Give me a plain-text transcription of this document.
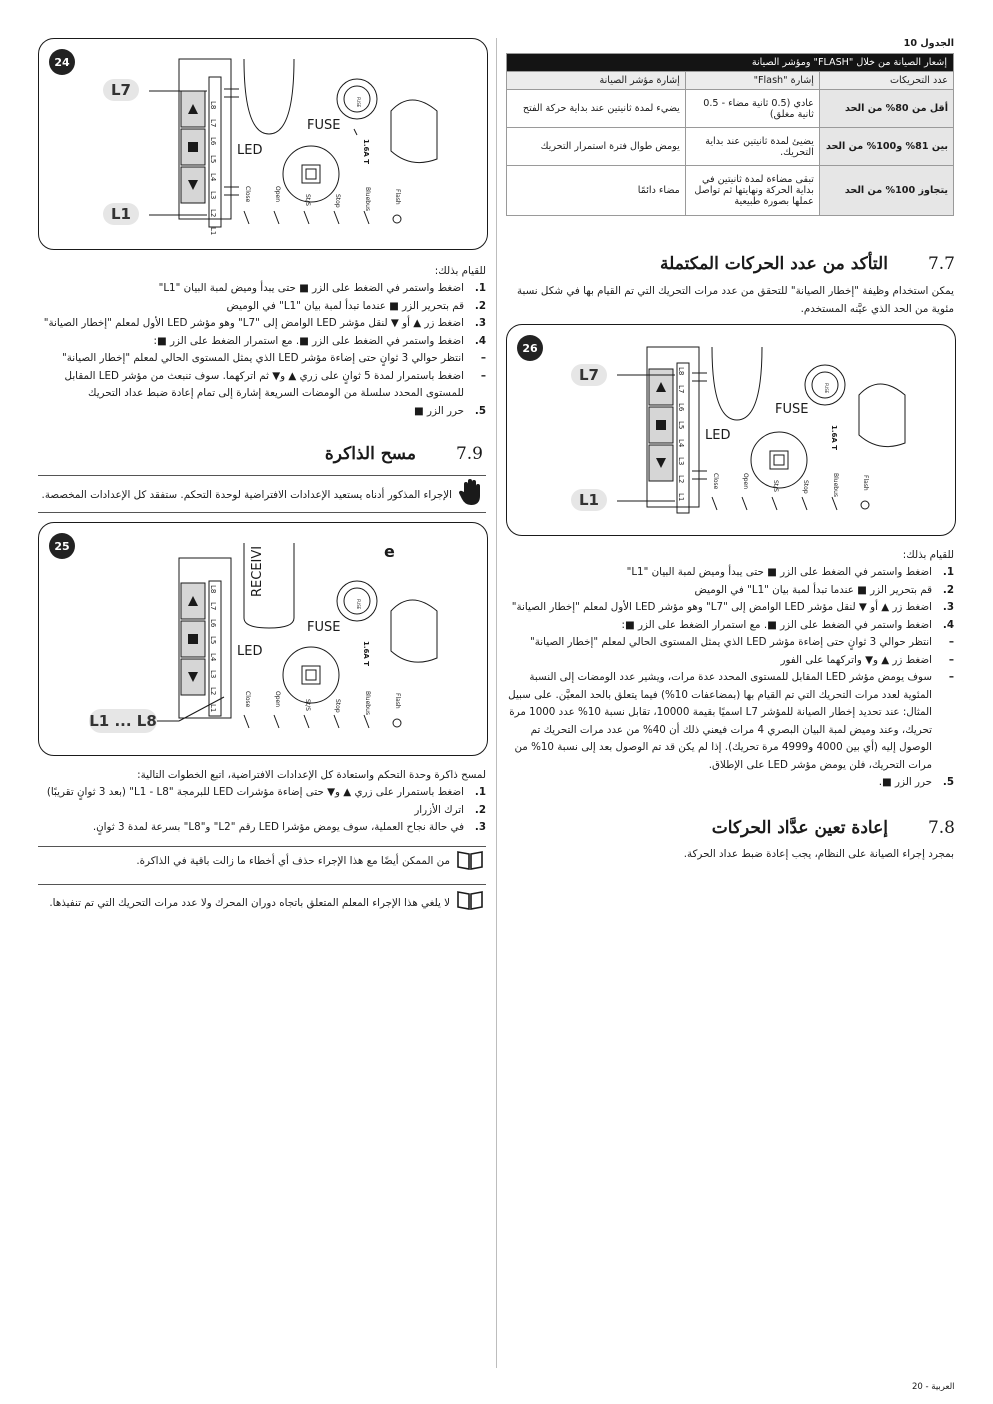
24
L8
L7
L6
L5
L4
L3
L2
L1
Close	Open	St/S	Stop	Bluebus	Flash
1.6A T
FUSE
FUSE
LED
L7
L1

للقيام بذلك:

1.
اضغط واستمر في الضغط على الزر ■ حتى يبدأ وميض لمبة البيان "L1"
2.
قم بتحرير الزر ■ عندما تبدأ لمبة بيان "L1" في الوميض
3.
اضغط زر ▲ أو ▼ لنقل مؤشر LED الوامض إلى "L7" وهو مؤشر LED الأول لمعلم "إخطار الصيانة"
4.
اضغط واستمر في الضغط على الزر ■. مع استمرار الضغط على الزر ■:
–
انتظر حوالي 3 ثوانٍ حتى إضاءة مؤشر LED الذي يمثل المستوى الحالي لمعلم "إخطار الصيانة"
–
اضغط باستمرار لمدة 5 ثوانٍ على زري ▲ و▼ ثم اتركهما. سوف تنبعث من مؤشر LED المقابل للمستوى المحدد سلسلة من الومضات السريعة إشارة إلى تمام إعادة ضبط عداد التحريك
5.
حرر الزر ■
7.9مسح الذاكرة
الإجراء المذكور أدناه يستعيد الإعدادات الافتراضية لوحدة التحكم. ستفقد كل الإعدادات المخصصة.
25
L8
L7
L6
L5
L4
L3
L2
L1
Close	Open	St/S	Stop	Bluebus	Flash
1.6A T
FUSE
FUSE
LED
RECEIVI	e
L1 ... L8

لمسح ذاكرة وحدة التحكم واستعادة كل الإعدادات الافتراضية، اتبع الخطوات التالية:

1.
اضغط باستمرار على زري ▲ و▼ حتى إضاءة مؤشرات LED للبرمجة "L1 - L8" (بعد 3 ثوانٍ تقريبًا)
2.
اترك الأزرار
3.
في حالة نجاح العملية، سوف يومض مؤشرا LED رقم "L2" و"L8" بسرعة لمدة 3 ثوانٍ.
من الممكن أيضًا مع هذا الإجراء حذف أي أخطاء ما زالت باقية في الذاكرة.
لا يلغي هذا الإجراء المعلم المتعلق باتجاه دوران المحرك ولا عدد مرات التحريك التي تم تنفيذها.
الجدول 10
إشعار الصيانة من خلال "FLASH" ومؤشر الصيانة		
عدد التحريكات	إشارة "Flash"	إشارة مؤشر الصيانة
أقل من 80% من الحد	عادي (0.5 ثانية مضاء - 0.5 ثانية مغلق)	يضيء لمدة ثانيتين عند بداية حركة الفتح
بين 81% و100% من الحد	يضيئ لمدة ثانيتين عند بداية التحريك.	يومض طوال فترة استمرار التحريك
يتجاوز 100% من الحد	تبقى مضاءة لمدة ثانيتين في بداية الحركة ونهايتها ثم تواصل عملها بصورة طبيعية	مضاء دائمًا
7.7التأكد من عدد الحركات المكتملة
يمكن استخدام وظيفة "إخطار الصيانة" للتحقق من عدد مرات التحريك التي تم القيام بها في شكل نسبة مئوية من الحد الذي عيَّنه المستخدم.
26
L8
L7
L6
L5
L4
L3
L2
L1
Close	Open	St/S	Stop	Bluebus	Flash
1.6A T
FUSE
FUSE
LED
L7
L1

للقيام بذلك:

1.
اضغط واستمر في الضغط على الزر ■ حتى يبدأ وميض لمبة البيان "L1"
2.
قم بتحرير الزر ■ عندما تبدأ لمبة بيان "L1" في الوميض
3.
اضغط زر ▲ أو ▼ لنقل مؤشر LED الوامض إلى "L7" وهو مؤشر LED الأول لمعلم "إخطار الصيانة"
4.
اضغط واستمر في الضغط على الزر ■. مع استمرار الضغط على الزر ■:
–
انتظر حوالي 3 ثوانٍ حتى إضاءة مؤشر LED الذي يمثل المستوى الحالي لمعلم "إخطار الصيانة"
–
اضغط زر ▲ و▼ واتركهما على الفور
–
سوف يومض مؤشر LED المقابل للمستوى المحدد عدة مرات، ويشير عدد الومضات إلى النسبة المئوية لعدد مرات التحريك التي تم القيام بها (بمضاعفات 10%) فيما يتعلق بالحد المعيَّن. على سبيل المثال: عند تحديد إخطار الصيانة للمؤشر L7 اسميًا بقيمة 10000، تقابل نسبة 10% عدد 1000 مرة تحريك، وعند وميض لمبة البيان البصري 4 مرات فيعني ذلك أن 40% من عدد مرات التحريك تم الوصول إليه (أي بين 4000 و4999 مرة تحريك). إذا لم يكن قد تم الوصول بعد إلى نسبة 10% من مرات التحريك، فلن يومض مؤشر LED على الإطلاق.
5.
حرر الزر ■.
7.8إعادة تعين عدَّاد الحركات
بمجرد إجراء الصيانة على النظام، يجب إعادة ضبط عداد الحركة.
العربية - 20
